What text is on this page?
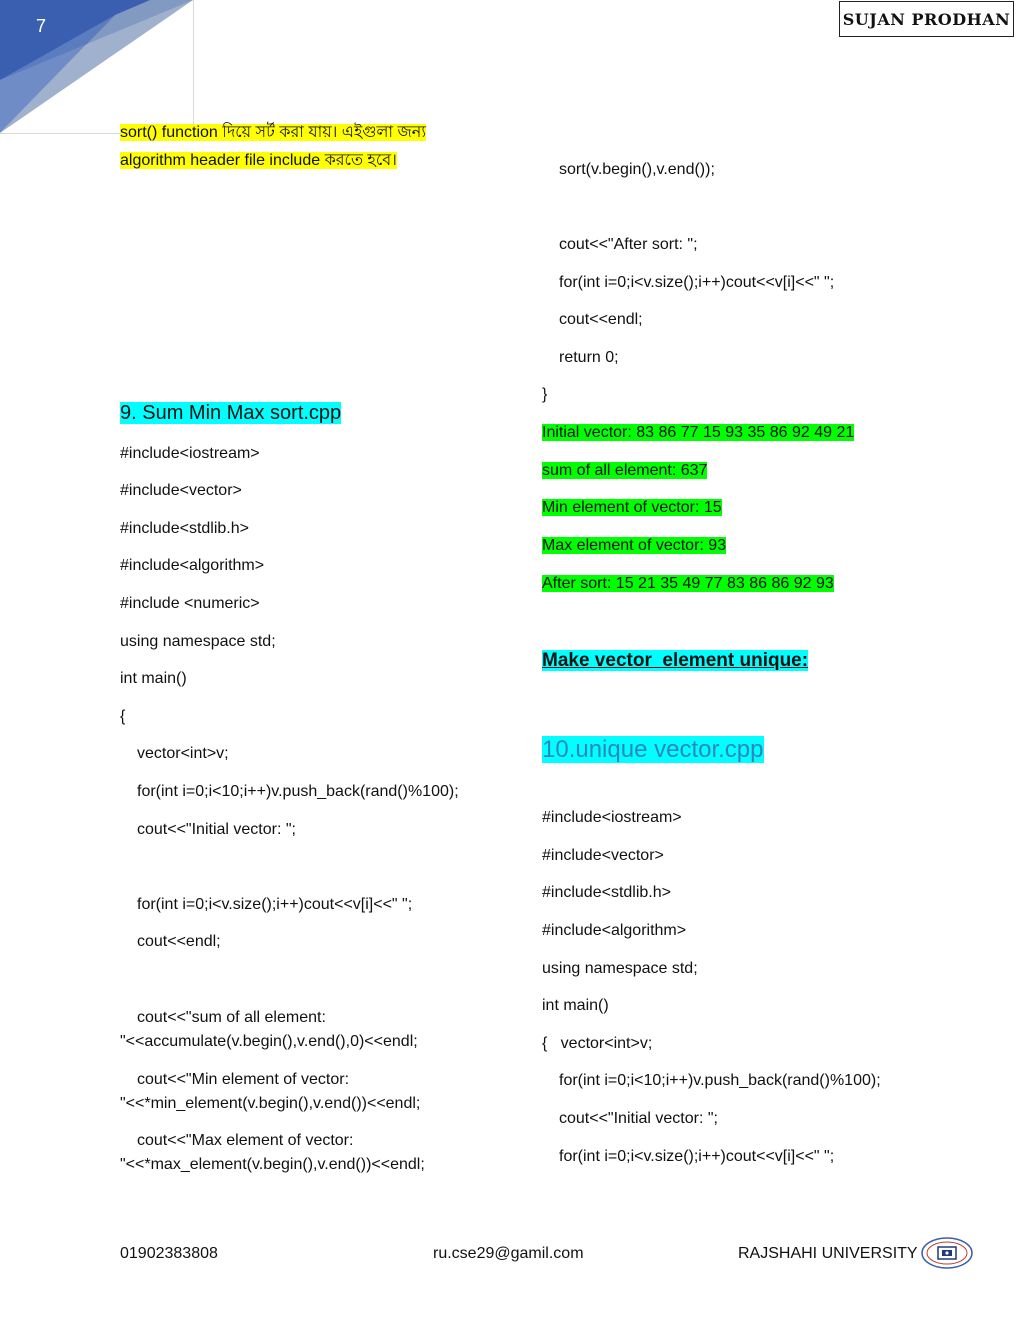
7	SUJAN PRODHAN
sort() function দিয়ে সর্ট করা যায়। এইগুলা জন্য
algorithm header file include করতে হবে।
9. Sum Min Max sort.cpp
#include<iostream>
#include<vector>
#include<stdlib.h>
#include<algorithm>
#include <numeric>
using namespace std;
int main()
{
vector<int>v;
for(int i=0;i<10;i++)v.push_back(rand()%100);
cout<<"Initial vector: ";
for(int i=0;i<v.size();i++)cout<<v[i]<<" ";
cout<<endl;
cout<<"sum of all element:
"<<accumulate(v.begin(),v.end(),0)<<endl;
cout<<"Min element of vector:
"<<*min_element(v.begin(),v.end())<<endl;
cout<<"Max element of vector:
"<<*max_element(v.begin(),v.end())<<endl;
sort(v.begin(),v.end());
cout<<"After sort: ";
for(int i=0;i<v.size();i++)cout<<v[i]<<" ";
cout<<endl;
return 0;
}
Initial vector: 83 86 77 15 93 35 86 92 49 21
sum of all element: 637
Min element of vector: 15
Max element of vector: 93
After sort: 15 21 35 49 77 83 86 86 92 93
Make vector  element unique:
10.unique vector.cpp
#include<iostream>
#include<vector>
#include<stdlib.h>
#include<algorithm>
using namespace std;
int main()
{   vector<int>v;
for(int i=0;i<10;i++)v.push_back(rand()%100);
cout<<"Initial vector: ";
for(int i=0;i<v.size();i++)cout<<v[i]<<" ";
01902383808	ru.cse29@gamil.com	RAJSHAHI UNIVERSITY
